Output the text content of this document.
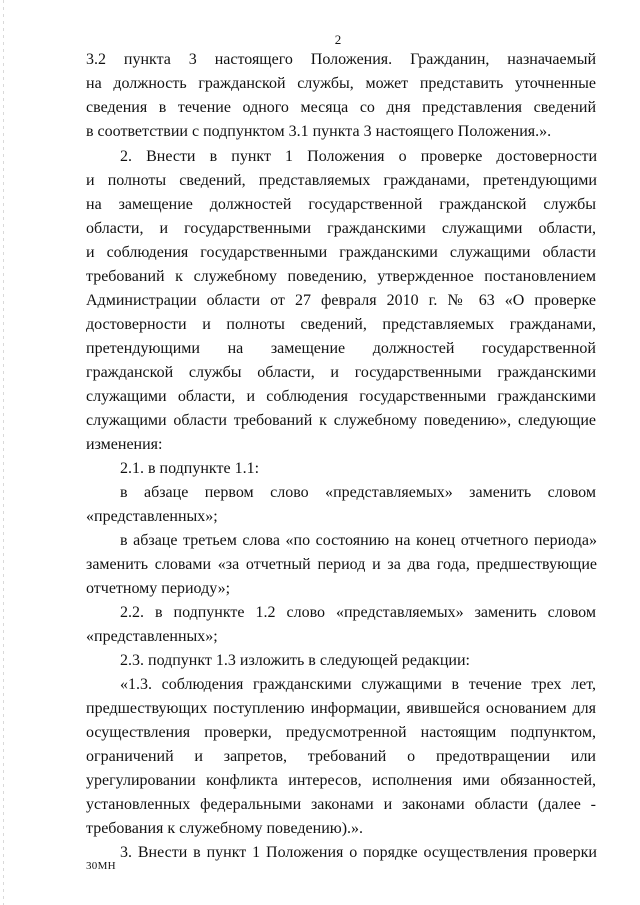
2
3.2 пункта 3 настоящего Положения. Гражданин, назначаемый
на должность гражданской службы, может представить уточненные
сведения в течение одного месяца со дня представления сведений
в соответствии с подпунктом 3.1 пункта 3 настоящего Положения.».
2. Внести в пункт 1 Положения о проверке достоверности
и полноты сведений, представляемых гражданами, претендующими
на замещение должностей государственной гражданской службы
области, и государственными гражданскими служащими области,
и соблюдения государственными гражданскими служащими области
требований к служебному поведению, утвержденное постановлением
Администрации области от 27 февраля 2010 г. № 63 «О проверке
достоверности и полноты сведений, представляемых гражданами,
претендующими на замещение должностей государственной
гражданской службы области, и государственными гражданскими
служащими области, и соблюдения государственными гражданскими
служащими области требований к служебному поведению», следующие
изменения:
2.1. в подпункте 1.1:
в абзаце первом слово «представляемых» заменить словом
«представленных»;
в абзаце третьем слова «по состоянию на конец отчетного периода»
заменить словами «за отчетный период и за два года, предшествующие
отчетному периоду»;
2.2. в подпункте 1.2 слово «представляемых» заменить словом
«представленных»;
2.3. подпункт 1.3 изложить в следующей редакции:
«1.3. соблюдения гражданскими служащими в течение трех лет,
предшествующих поступлению информации, явившейся основанием для
осуществления проверки, предусмотренной настоящим подпунктом,
ограничений и запретов, требований о предотвращении или
урегулировании конфликта интересов, исполнения ими обязанностей,
установленных федеральными законами и законами области (далее -
требования к служебному поведению).».
3. Внести в пункт 1 Положения о порядке осуществления проверки
30МН
